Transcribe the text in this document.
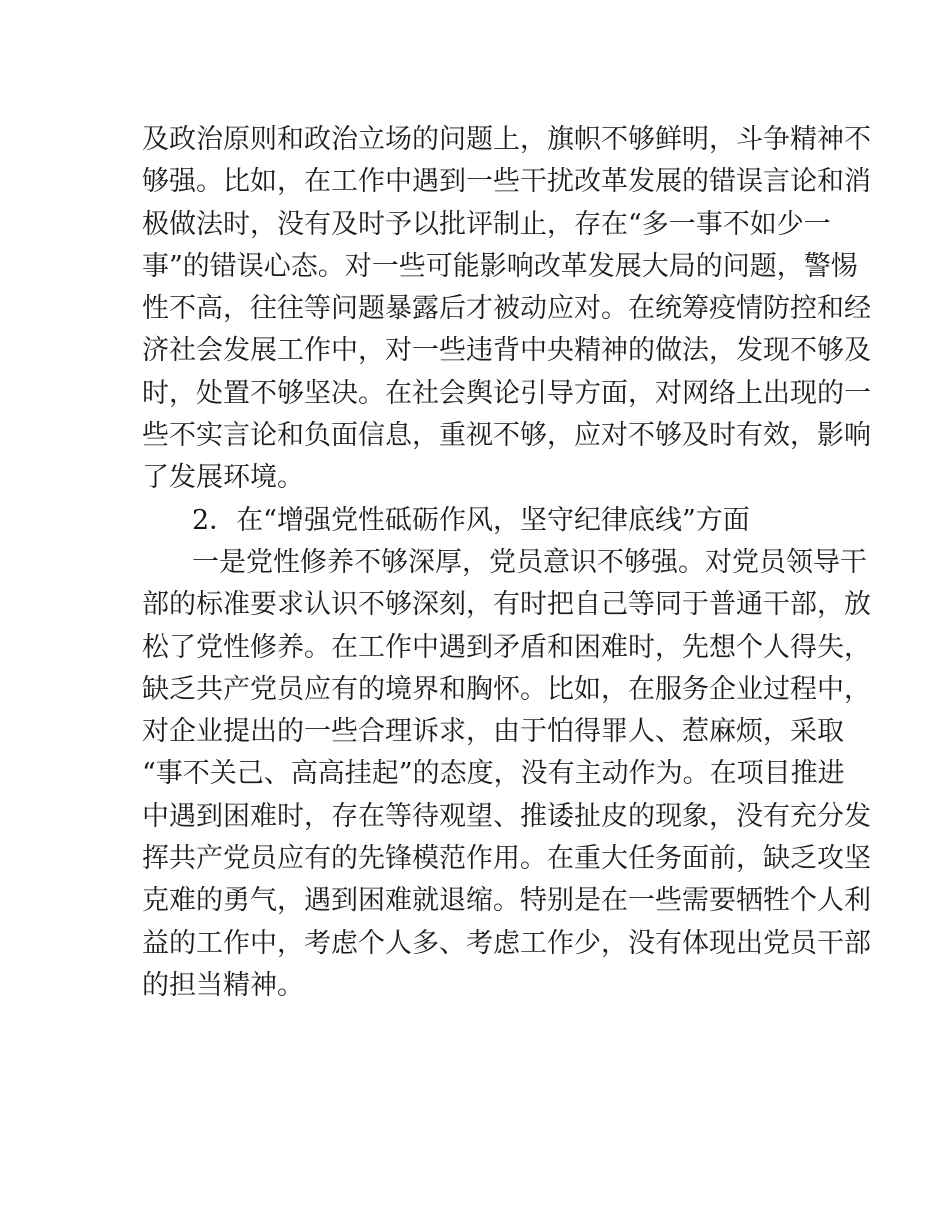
及政治原则和政治立场的问题上，旗帜不够鲜明，斗争精神不
够强。比如，在工作中遇到一些干扰改革发展的错误言论和消
极做法时，没有及时予以批评制止，存在“多一事不如少一
事”的错误心态。对一些可能影响改革发展大局的问题，警惕
性不高，往往等问题暴露后才被动应对。在统筹疫情防控和经
济社会发展工作中，对一些违背中央精神的做法，发现不够及
时，处置不够坚决。在社会舆论引导方面，对网络上出现的一
些不实言论和负面信息，重视不够，应对不够及时有效，影响
了发展环境。
2．在“增强党性砥砺作风，坚守纪律底线”方面
一是党性修养不够深厚，党员意识不够强。对党员领导干
部的标准要求认识不够深刻，有时把自己等同于普通干部，放
松了党性修养。在工作中遇到矛盾和困难时，先想个人得失，
缺乏共产党员应有的境界和胸怀。比如，在服务企业过程中，
对企业提出的一些合理诉求，由于怕得罪人、惹麻烦，采取
“事不关己、高高挂起”的态度，没有主动作为。在项目推进
中遇到困难时，存在等待观望、推诿扯皮的现象，没有充分发
挥共产党员应有的先锋模范作用。在重大任务面前，缺乏攻坚
克难的勇气，遇到困难就退缩。特别是在一些需要牺牲个人利
益的工作中，考虑个人多、考虑工作少，没有体现出党员干部
的担当精神。
